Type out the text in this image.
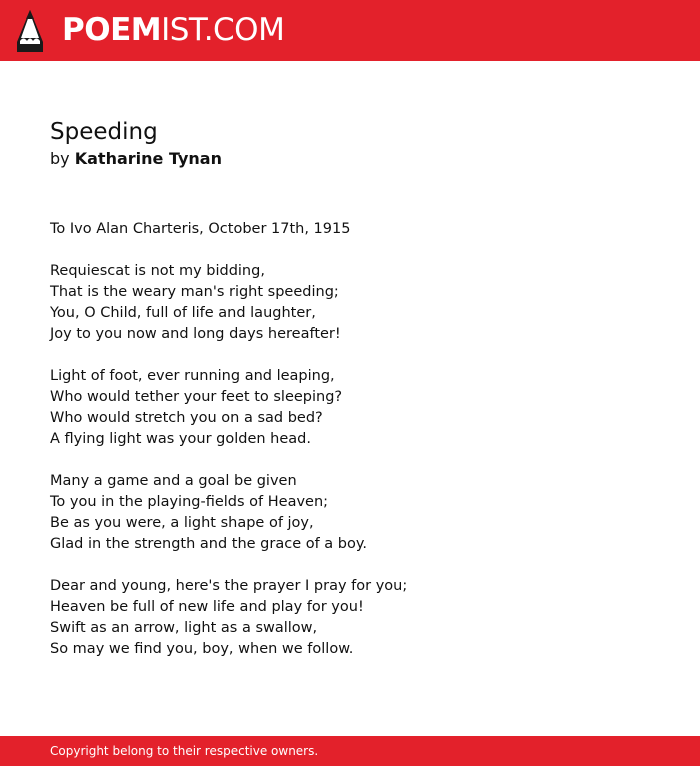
POEMIST.COM
Speeding
by Katharine Tynan
To Ivo Alan Charteris, October 17th, 1915
Requiescat is not my bidding,
That is the weary man's right speeding;
You, O Child, full of life and laughter,
Joy to you now and long days hereafter!
Light of foot, ever running and leaping,
Who would tether your feet to sleeping?
Who would stretch you on a sad bed?
A flying light was your golden head.
Many a game and a goal be given
To you in the playing-fields of Heaven;
Be as you were, a light shape of joy,
Glad in the strength and the grace of a boy.
Dear and young, here's the prayer I pray for you;
Heaven be full of new life and play for you!
Swift as an arrow, light as a swallow,
So may we find you, boy, when we follow.
Copyright belong to their respective owners.
